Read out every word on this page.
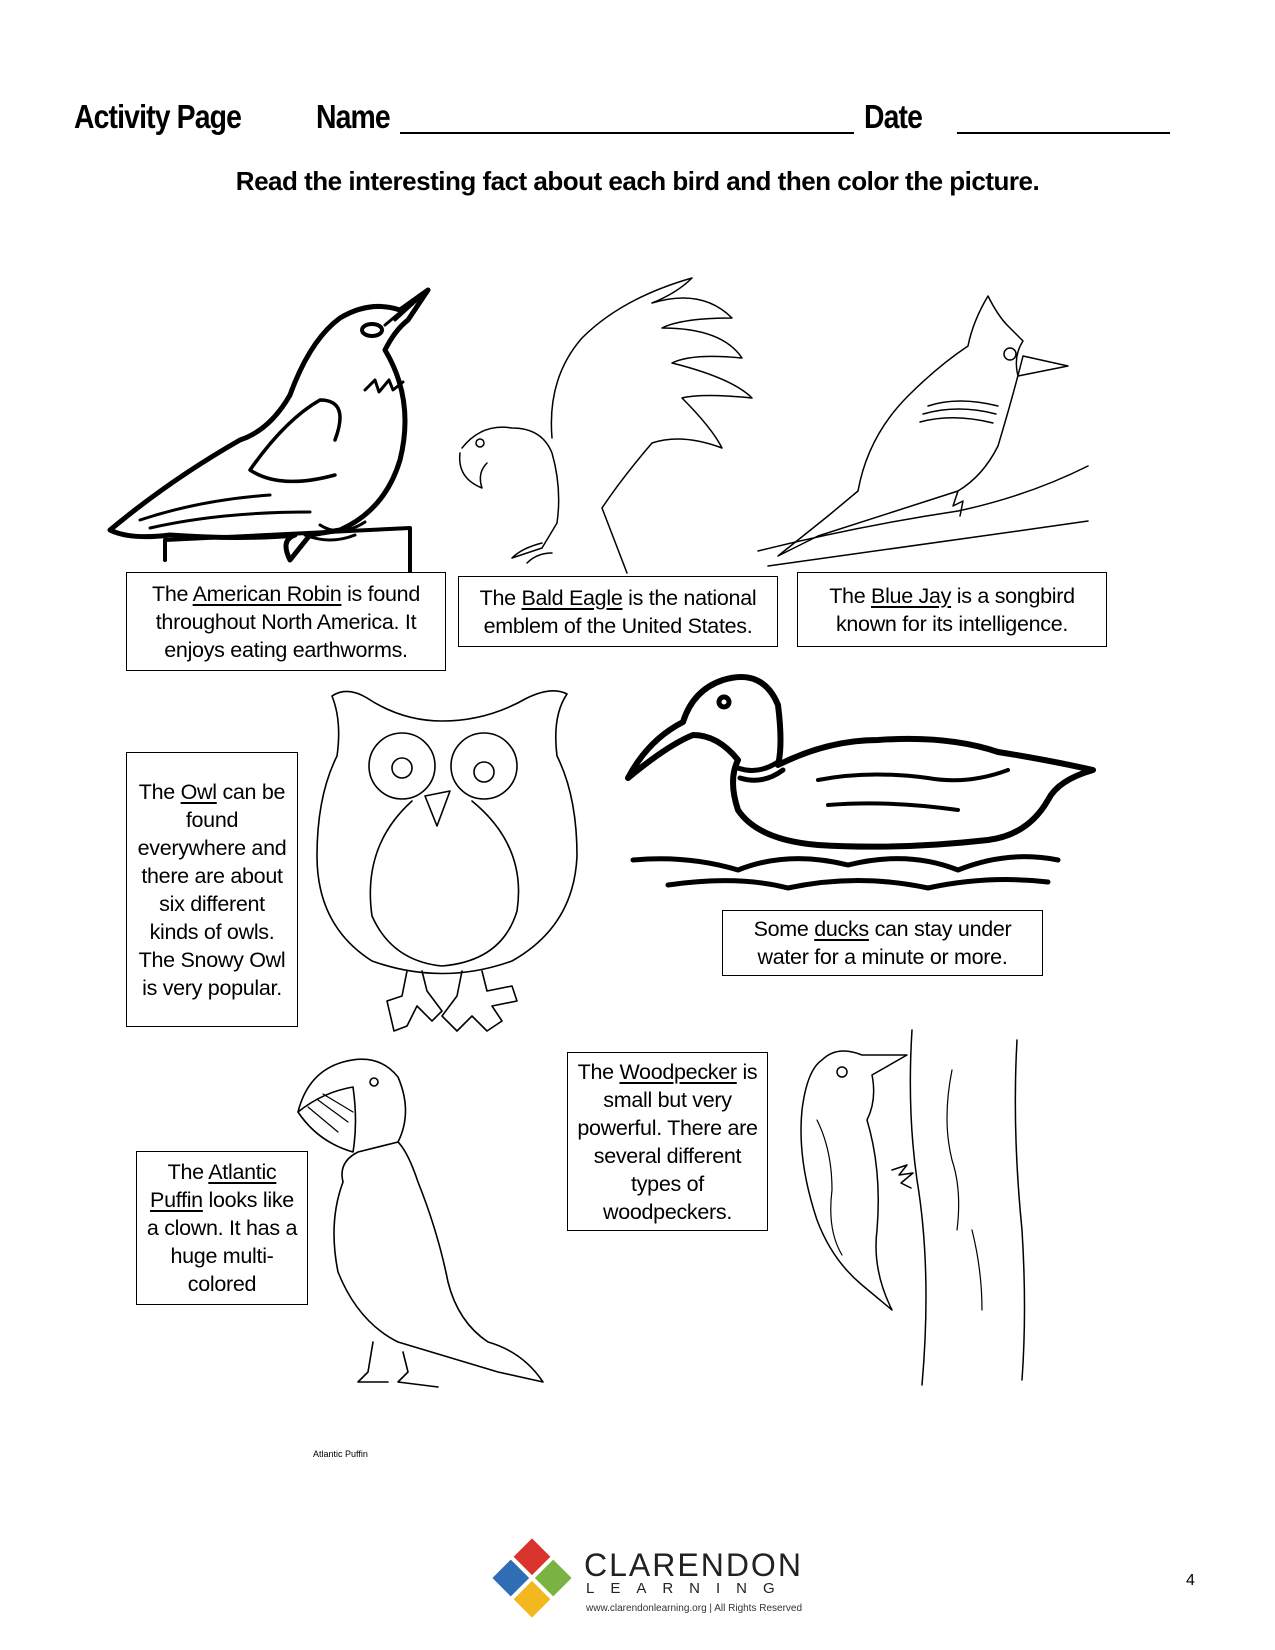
Activity Page Name	Date
Read the interesting fact about each bird and then color the picture.
The American Robin is found throughout North America. It enjoys eating earthworms.
The Bald Eagle is the national emblem of the United States.
The Blue Jay is a songbird known for its intelligence.
The Owl can be found everywhere and there are about six different kinds of owls. The Snowy Owl is very popular.
Some ducks can stay under water for a minute or more.
The Atlantic Puffin looks like a clown. It has a huge multi-colored
The Woodpecker is small but very powerful. There are several different types of woodpeckers.
Atlantic Puffin
CLARENDON
LEARNING
www.clarendonlearning.org | All Rights Reserved
4
